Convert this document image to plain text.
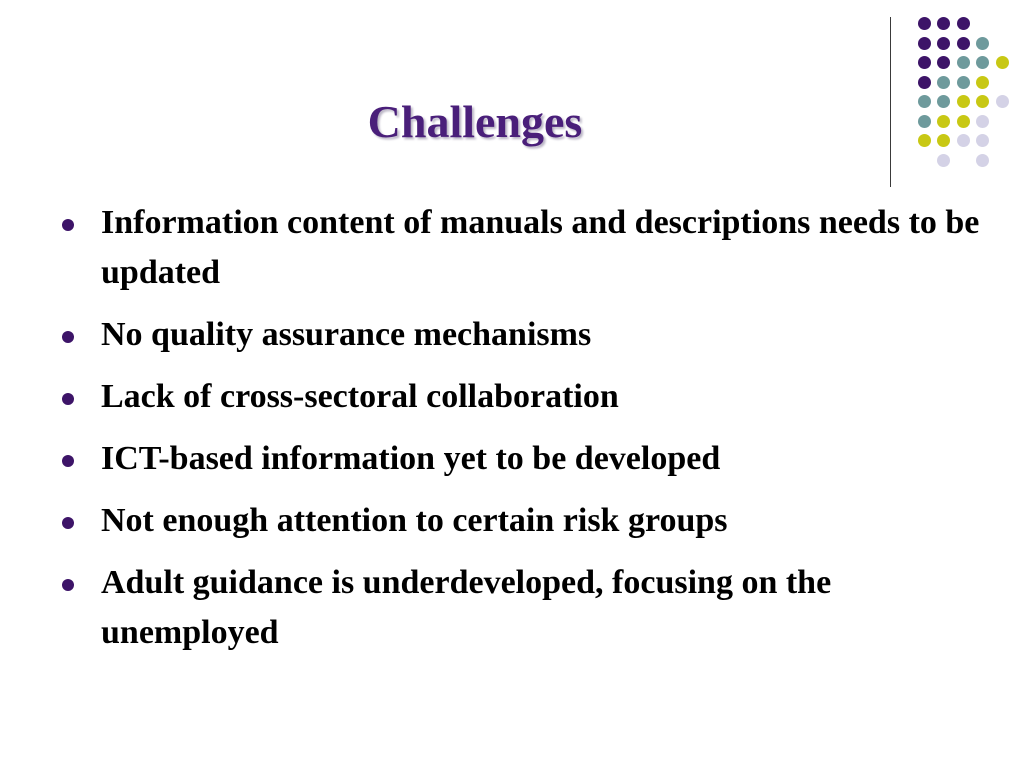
Challenges
Information content of manuals and descriptions needs to be updated
No quality assurance mechanisms
Lack of cross-sectoral collaboration
ICT-based information yet to be developed
Not enough attention to certain risk groups
Adult guidance is underdeveloped, focusing on the unemployed
